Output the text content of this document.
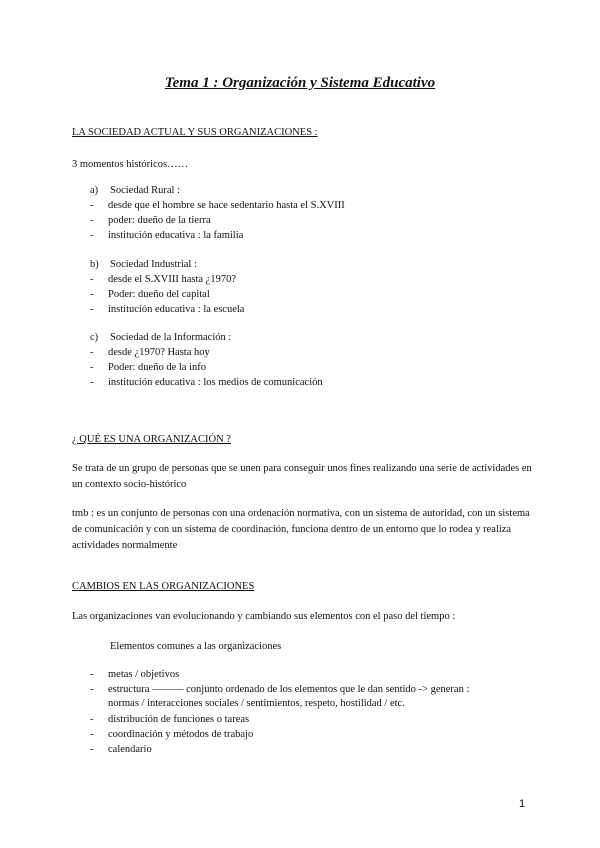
Tema 1 : Organización y Sistema Educativo
LA SOCIEDAD ACTUAL Y SUS ORGANIZACIONES :
3 momentos históricos……
a) Sociedad Rural :
- desde que el hombre se hace sedentario hasta el S.XVIII
- poder: dueño de la tierra
- institución educativa : la familia
b) Sociedad Industrial :
- desde el S.XVIII hasta ¿1970?
- Poder: dueño del capital
- institución educativa : la escuela
c) Sociedad de la Información :
- desde ¿1970? Hasta hoy
- Poder: dueño de la info
- institución educativa : los medios de comunicación
¿ QUÉ ES UNA ORGANIZACIÓN ?
Se trata de un grupo de personas que se unen para conseguir unos fines realizando una serie de actividades en un contexto socio-histórico
tmb : es un conjunto de personas con una ordenación normativa, con un sistema de autoridad, con un sistema de comunicación y con un sistema de coordinación, funciona dentro de un entorno que lo rodea y realiza actividades normalmente
CAMBIOS EN LAS ORGANIZACIONES
Las organizaciones van evolucionando y cambiando sus elementos con el paso del tiempo :
Elementos comunes a las organizaciones
- metas / objetivos
- estructura ——— conjunto ordenado de los elementos que le dan sentido -> generan :
normas / interacciones sociales / sentimientos, respeto, hostilidad / etc.
- distribución de funciones o tareas
- coordinación y métodos de trabajo
- calendario
1
